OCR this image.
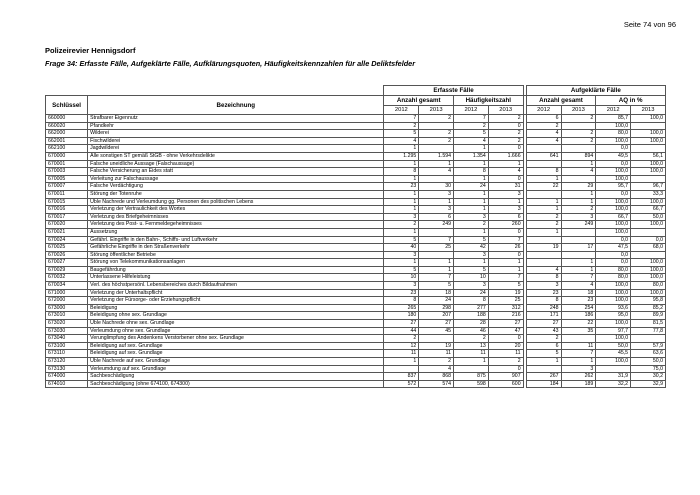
Seite 74 von 96
Polizeirevier Hennigsdorf
Frage 34: Erfasste Fälle, Aufgeklärte Fälle, Aufklärungsquoten, Häufigkeitskennzahlen für alle Deliktsfelder
		Erfasste Fälle					Aufgeklärte Fälle			
Schlüssel	Bezeichnung	Anzahl gesamt		Häufigkeitszahl			Anzahl gesamt		AQ in %	
		2012	2013	2012	2013		2012	2013	2012	2013
660000	Strafbarer Eigennutz	7	2	7	2		6	2	85,7	100,0
660020	Pfandkehr	2		2	0		2		100,0	
662000	Wilderei	5	2	5	2		4	2	80,0	100,0
662001	Fischwilderei	4	2	4	2		4	2	100,0	100,0
662100	Jagdwilderei	1		1	0				0,0	
670000	Alle sonstigen ST gemäß StGB - ohne Verkehrsdelikte	1.295	1.594	1.354	1.666		641	894	49,5	56,1
670001	Falsche uneidliche Aussage (Falschaussage)	1	1	1	1			1	0,0	100,0
670003	Falsche Versicherung an Eides statt	8	4	8	4		8	4	100,0	100,0
670005	Verleitung zur Falschaussage	1		1	0		1		100,0	
670007	Falsche Verdächtigung	23	30	24	31		22	29	95,7	96,7
670011	Störung der Totenruhe	1	3	1	3			1	0,0	33,3
670015	Üble Nachrede und Verleumdung gg. Personen des politischen Lebens	1	1	1	1		1	1	100,0	100,0
670016	Verletzung der Vertraulichkeit des Wortes	1	3	1	3		1	2	100,0	66,7
670017	Verletzung des Briefgeheimnisses	3	6	3	6		2	3	66,7	50,0
670020	Verletzung des Post- u. Fernmeldegeheimnisses	2	249	2	260		2	249	100,0	100,0
670021	Aussetzung	1		1	0		1		100,0	
670024	Gefährl. Eingriffe in den Bahn-, Schiffs- und Luftverkehr	5	7	5	7				0,0	0,0
670025	Gefährliche Eingriffe in den Straßenverkehr	40	25	42	26		19	17	47,5	68,0
670026	Störung öffentlicher Betriebe	3		3	0				0,0	
670027	Störung von Telekommunikationsanlagen	1	1	1	1			1	0,0	100,0
670029	Baugefährdung	5	1	5	1		4	1	80,0	100,0
670032	Unterlassene Hilfeleistung	10	7	10	7		8	7	80,0	100,0
670034	Verl. des höchstpersönl. Lebensbereiches durch Bildaufnahmen	3	5	3	5		3	4	100,0	80,0
671000	Verletzung der Unterhaltspflicht	23	18	24	19		23	18	100,0	100,0
672000	Verletzung der Fürsorge- oder Erziehungspflicht	8	24	8	25		8	23	100,0	95,8
673000	Beleidigung	265	298	277	312		248	254	93,6	85,2
673010	Beleidigung ohne sex. Grundlage	180	207	188	216		171	186	95,0	89,9
673020	Üble Nachrede ohne sex. Grundlage	27	27	28	27		27	22	100,0	81,5
673030	Verleumdung ohne sex. Grundlage	44	45	46	47		43	35	97,7	77,8
673040	Verunglimpfung des Andenkens Verstorbener ohne sex. Grundlage	2		2	0		2		100,0	
673100	Beleidigung auf sex. Grundlage	12	19	13	20		6	11	50,0	57,9
673110	Beleidigung auf sex. Grundlage	11	11	11	11		5	7	45,5	63,6
673120	Üble Nachrede auf sex. Grundlage	1	2	1	2		1	1	100,0	50,0
673130	Verleumdung auf sex. Grundlage		4		0			3		75,0
674000	Sachbeschädigung	837	868	875	907		267	262	31,9	30,2
674010	Sachbeschädigung (ohne 674100, 674300)	572	574	598	600		184	189	32,2	32,9
